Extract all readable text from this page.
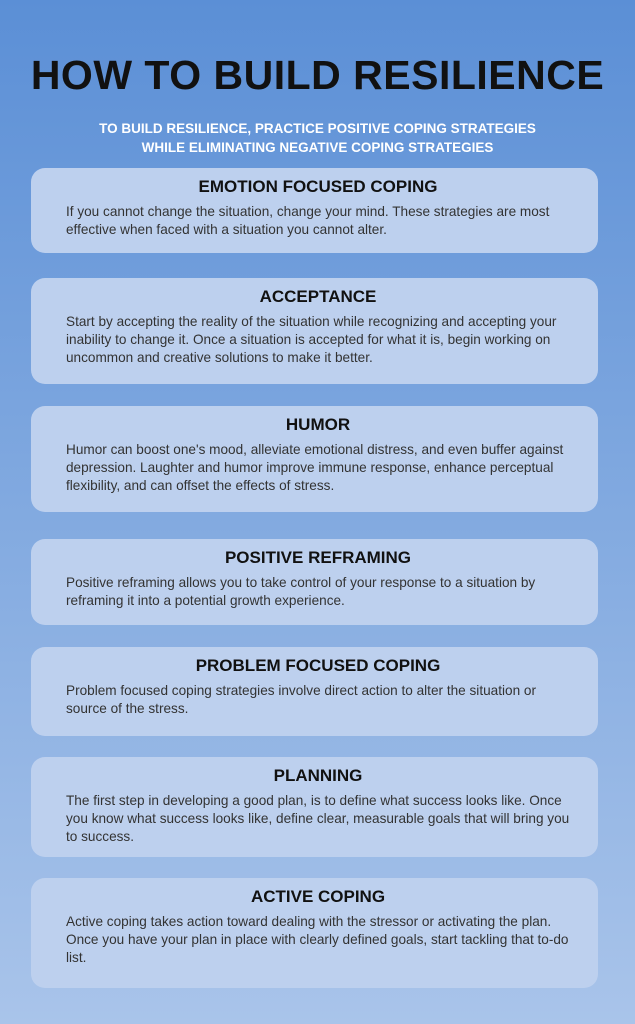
HOW TO BUILD RESILIENCE
TO BUILD RESILIENCE, PRACTICE POSITIVE COPING STRATEGIES
WHILE ELIMINATING NEGATIVE COPING STRATEGIES
EMOTION FOCUSED COPING
If you cannot change the situation, change your mind. These strategies are most effective when faced with a situation you cannot alter.
ACCEPTANCE
Start by accepting the reality of the situation while recognizing and accepting your inability to change it. Once a situation is accepted for what it is, begin working on uncommon and creative solutions to make it better.
HUMOR
Humor can boost one's mood, alleviate emotional distress, and even buffer against depression. Laughter and humor improve immune response, enhance perceptual flexibility, and can offset the effects of stress.
POSITIVE REFRAMING
Positive reframing allows you to take control of your response to a situation by reframing it into a potential growth experience.
PROBLEM FOCUSED COPING
Problem focused coping strategies involve direct action to alter the situation or source of the stress.
PLANNING
The first step in developing a good plan, is to define what success looks like. Once you know what success looks like, define clear, measurable goals that will bring you to success.
ACTIVE COPING
Active coping takes action toward dealing with the stressor or activating the plan. Once you have your plan in place with clearly defined goals, start tackling that to-do list.
